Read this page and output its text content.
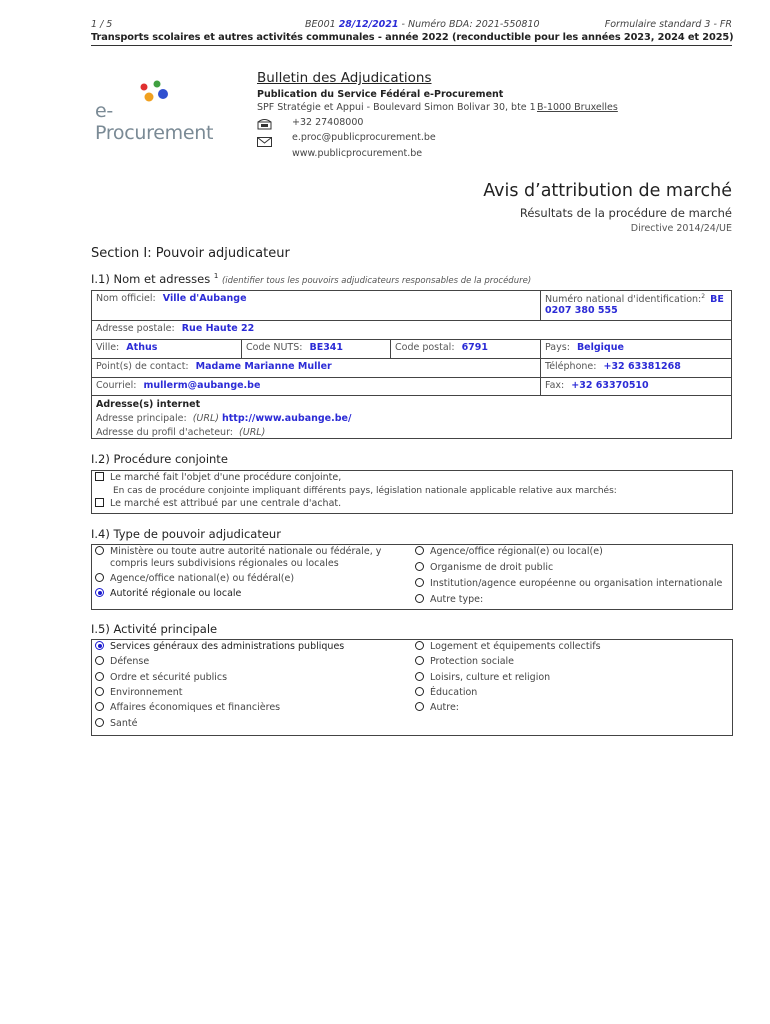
1 / 5	BE001 28/12/2021 - Numéro BDA: 2021-550810	Formulaire standard 3 - FR
Transports scolaires et autres activités communales - année 2022 (reconductible pour les années 2023, 2024 et 2025)
e-Procurement
Bulletin des Adjudications
Publication du Service Fédéral e-Procurement
SPF Stratégie et Appui - Boulevard Simon Bolivar 30, bte 1 B-1000 Bruxelles
+32 27408000
e.proc@publicprocurement.be
www.publicprocurement.be
Avis d’attribution de marché
Résultats de la procédure de marché
Directive 2014/24/UE
Section I: Pouvoir adjudicateur
I.1) Nom et adresses $^1$ (identifier tous les pouvoirs adjudicateurs responsables de la procédure)
Nom officiel: Ville d'Aubange	Numéro national d'identification:$^2$ BE
0207 380 555
Adresse postale: Rue Haute 22
Ville: Athus	Code NUTS: BE341	Code postal: 6791	Pays: Belgique
Point(s) de contact: Madame Marianne Muller	Téléphone: +32 63381268
Courriel: mullerm@aubange.be	Fax: +32 63370510
Adresse(s) internet
Adresse principale: (URL) http://www.aubange.be/
Adresse du profil d'acheteur: (URL)
I.2) Procédure conjointe
Le marché fait l'objet d'une procédure conjointe,
En cas de procédure conjointe impliquant différents pays, législation nationale applicable relative aux marchés:
Le marché est attribué par une centrale d'achat.
I.4) Type de pouvoir adjudicateur
Ministère ou toute autre autorité nationale ou fédérale, y
compris leurs subdivisions régionales ou locales
Agence/office national(e) ou fédéral(e)
Autorité régionale ou locale
Agence/office régional(e) ou local(e)
Organisme de droit public
Institution/agence européenne ou organisation internationale
Autre type:
I.5) Activité principale
Services généraux des administrations publiques
Défense
Ordre et sécurité publics
Environnement
Affaires économiques et financières
Santé
Logement et équipements collectifs
Protection sociale
Loisirs, culture et religion
Éducation
Autre:
